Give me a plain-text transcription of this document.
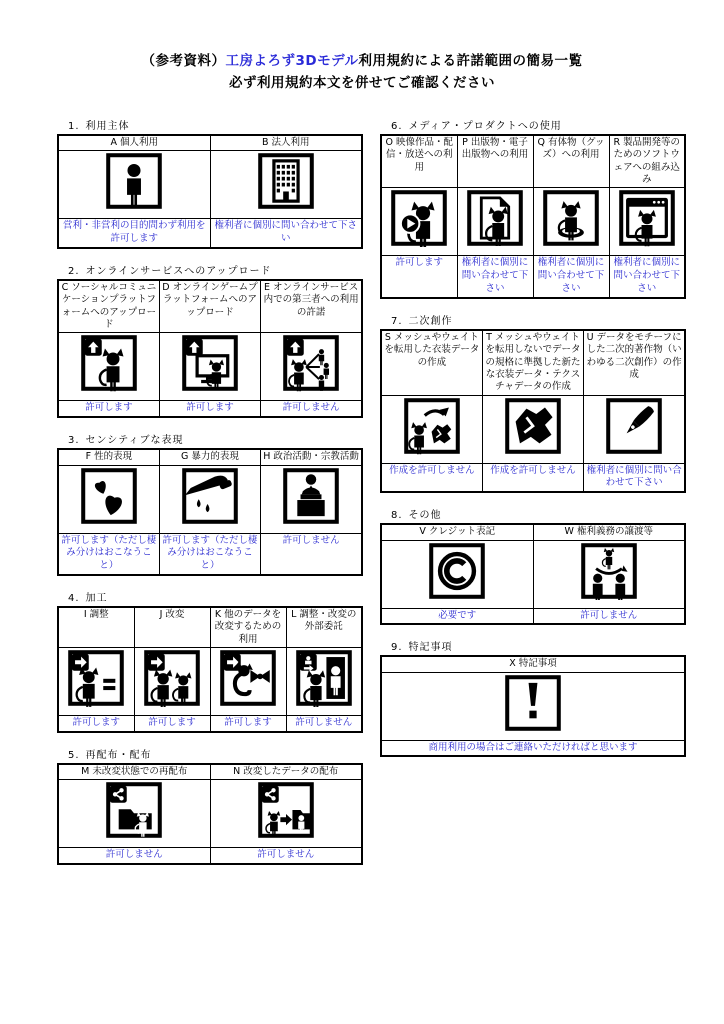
（参考資料）工房よろず3Dモデル利用規約による許諾範囲の簡易一覧
必ず利用規約本文を併せてご確認ください
1. 利用主体
A 個人利用	B 法人利用

営利・非営利の目的問わず利用を許可します	権利者に個別に問い合わせて下さい
2. オンラインサービスへのアップロード
C ソーシャルコミュニケーションプラットフォームへのアップロード	D オンラインゲームプラットフォームへのアップロード	E オンラインサービス内での第三者への利用の許諾

許可します	許可します	許可しません
3. センシティブな表現
F 性的表現	G 暴力的表現	H 政治活動・宗教活動

許可します（ただし棲み分けはおこなうこと）	許可します（ただし棲み分けはおこなうこと）	許可しません
4. 加工
I 調整	J 改変	K 他のデータを改変するための利用	L 調整・改変の外部委託

許可します	許可します	許可します	許可しません
5. 再配布・配布
M 未改変状態での再配布	N 改変したデータの配布

許可しません	許可しません
6. メディア・プロダクトへの使用
O 映像作品・配信・放送への利用	P 出版物・電子出版物への利用	Q 有体物（グッズ）への利用	R 製品開発等のためのソフトウェアへの組み込み

許可します	権利者に個別に問い合わせて下さい	権利者に個別に問い合わせて下さい	権利者に個別に問い合わせて下さい
7. 二次創作
S メッシュやウェイトを転用した衣装データの作成	T メッシュやウェイトを転用しないでデータの規格に準拠した新たな衣装データ・テクスチャデータの作成	U データをモチーフにした二次的著作物（いわゆる二次創作）の作成

作成を許可しません	作成を許可しません	権利者に個別に問い合わせて下さい
8. その他
V クレジット表記	W 権利義務の譲渡等

必要です	許可しません
9. 特記事項
X 特記事項

商用利用の場合はご連絡いただければと思います
